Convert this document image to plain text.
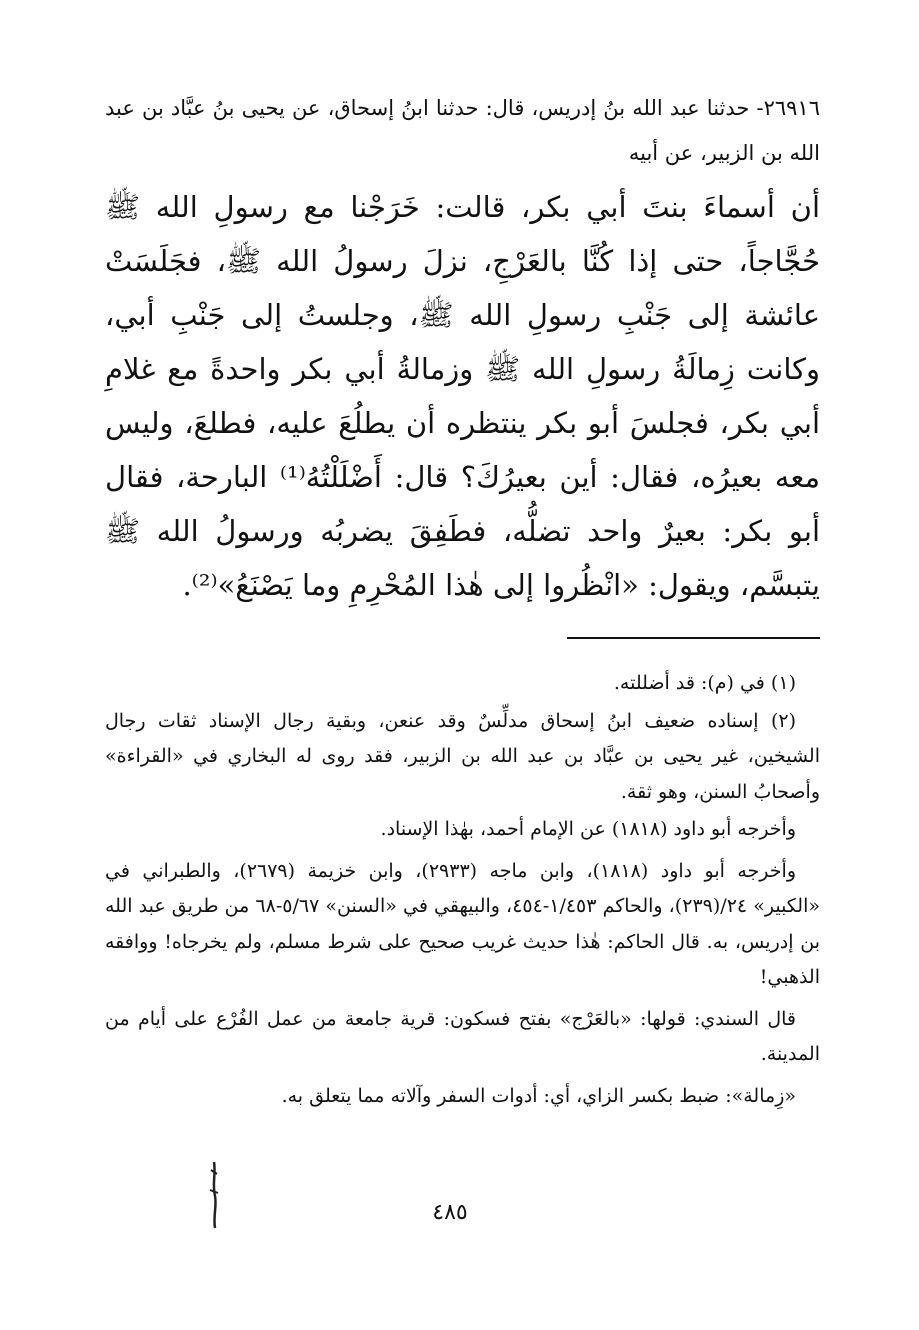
٢٦٩١٦- حدثنا عبد الله بنُ إدريس، قال: حدثنا ابنُ إسحاق، عن يحيى بنُ عبَّاد بن عبد الله بن الزبير، عن أبيه
أن أسماءَ بنتَ أبي بكر، قالت: خَرَجْنا مع رسولِ الله ﷺ حُجَّاجاً، حتى إذا كُنَّا بالعَرْجِ، نزلَ رسولُ الله ﷺ، فجَلَسَتْ عائشة إلى جَنْبِ رسولِ الله ﷺ، وجلستُ إلى جَنْبِ أبي، وكانت زِمالَةُ رسولِ الله ﷺ وزمالةُ أبي بكر واحدةً مع غلامِ أبي بكر، فجلسَ أبو بكر ينتظره أن يطلُعَ عليه، فطلعَ، وليس معه بعيرُه، فقال: أين بعيرُكَ؟ قال: أَضْلَلْتُهُ⁽¹⁾ البارحة، فقال أبو بكر: بعيرٌ واحد تضلُّه، فطَفِقَ يضربُه ورسولُ الله ﷺ يتبسَّم، ويقول: «انْظُروا إلى هٰذا المُحْرِمِ وما يَصْنَعُ»⁽²⁾.

(١) في (م): قد أضللته.

(٢) إسناده ضعيف ابنُ إسحاق مدلِّسٌ وقد عنعن، وبقية رجال الإسناد ثقات رجال الشيخين، غير يحيى بن عبَّاد بن عبد الله بن الزبير، فقد روى له البخاري في «القراءة» وأصحابُ السنن، وهو ثقة.

وأخرجه أبو داود (١٨١٨) عن الإمام أحمد، بهٰذا الإسناد.

وأخرجه أبو داود (١٨١٨)، وابن ماجه (٢٩٣٣)، وابن خزيمة (٢٦٧٩)، والطبراني في «الكبير» ٢٤/(٢٣٩)، والحاكم ١/٤٥٣-٤٥٤، والبيهقي في «السنن» ٥/٦٧-٦٨ من طريق عبد الله بن إدريس، به. قال الحاكم: هٰذا حديث غريب صحيح على شرط مسلم، ولم يخرجاه! ووافقه الذهبي!

قال السندي: قولها: «بالعَرْج» بفتح فسكون: قرية جامعة من عمل الفُرْع على أيام من المدينة.

«زِمالة»: ضبط بكسر الزاي، أي: أدوات السفر وآلاته مما يتعلق به.

٤٨٥
